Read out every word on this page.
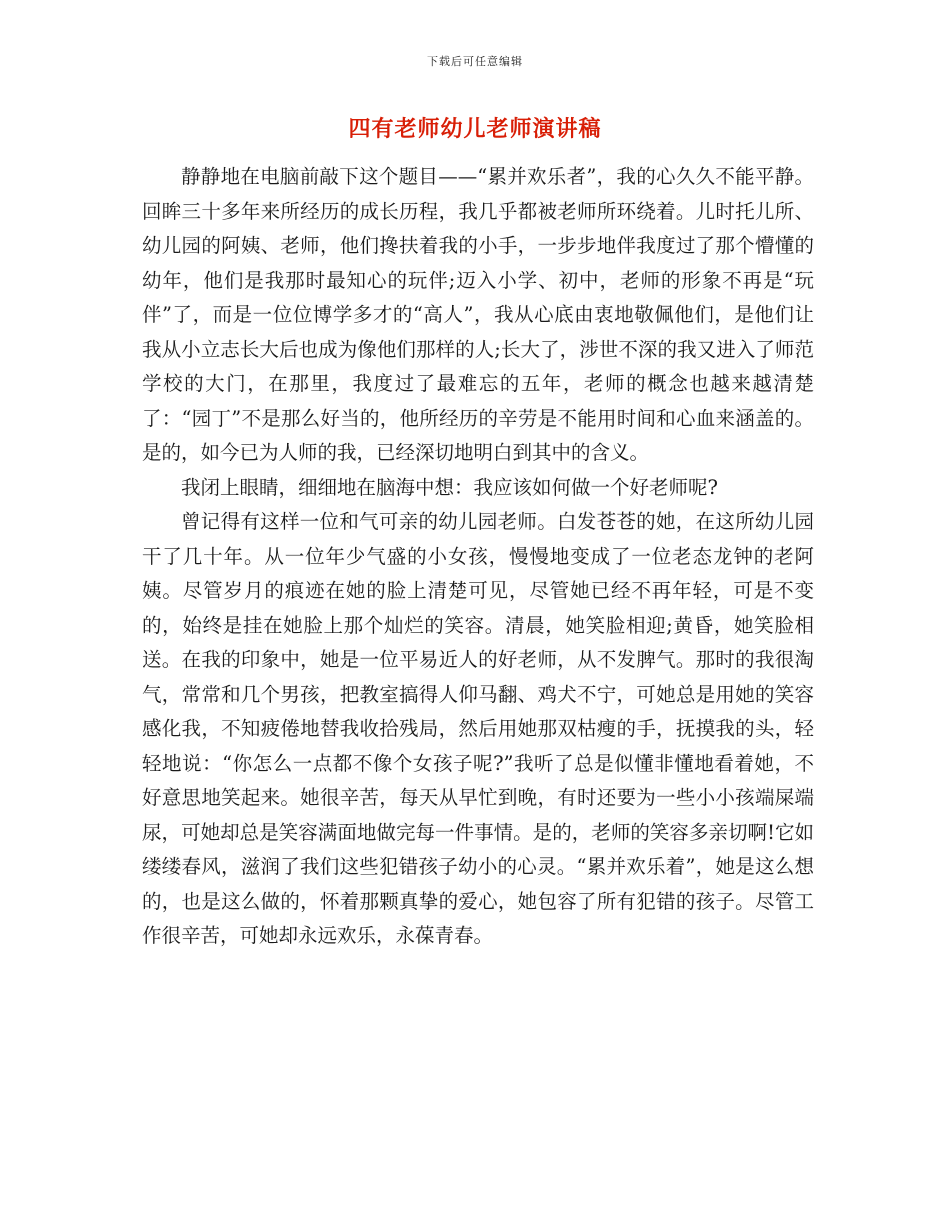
下载后可任意编辑
四有老师幼儿老师演讲稿

静静地在电脑前敲下这个题目——“累并欢乐者”，我的心久久不能平静。回眸三十多年来所经历的成长历程，我几乎都被老师所环绕着。儿时托儿所、幼儿园的阿姨、老师，他们搀扶着我的小手，一步步地伴我度过了那个懵懂的幼年，他们是我那时最知心的玩伴;迈入小学、初中，老师的形象不再是“玩伴”了，而是一位位博学多才的“高人”，我从心底由衷地敬佩他们，是他们让我从小立志长大后也成为像他们那样的人;长大了，涉世不深的我又进入了师范学校的大门，在那里，我度过了最难忘的五年，老师的概念也越来越清楚了：“园丁”不是那么好当的，他所经历的辛劳是不能用时间和心血来涵盖的。是的，如今已为人师的我，已经深切地明白到其中的含义。

我闭上眼睛，细细地在脑海中想：我应该如何做一个好老师呢?

曾记得有这样一位和气可亲的幼儿园老师。白发苍苍的她，在这所幼儿园干了几十年。从一位年少气盛的小女孩，慢慢地变成了一位老态龙钟的老阿姨。尽管岁月的痕迹在她的脸上清楚可见，尽管她已经不再年轻，可是不变的，始终是挂在她脸上那个灿烂的笑容。清晨，她笑脸相迎;黄昏，她笑脸相送。在我的印象中，她是一位平易近人的好老师，从不发脾气。那时的我很淘气，常常和几个男孩，把教室搞得人仰马翻、鸡犬不宁，可她总是用她的笑容感化我，不知疲倦地替我收拾残局，然后用她那双枯瘦的手，抚摸我的头，轻轻地说：“你怎么一点都不像个女孩子呢?”我听了总是似懂非懂地看着她，不好意思地笑起来。她很辛苦，每天从早忙到晚，有时还要为一些小小孩端屎端尿，可她却总是笑容满面地做完每一件事情。是的，老师的笑容多亲切啊!它如缕缕春风，滋润了我们这些犯错孩子幼小的心灵。“累并欢乐着”，她是这么想的，也是这么做的，怀着那颗真挚的爱心，她包容了所有犯错的孩子。尽管工作很辛苦，可她却永远欢乐，永葆青春。
